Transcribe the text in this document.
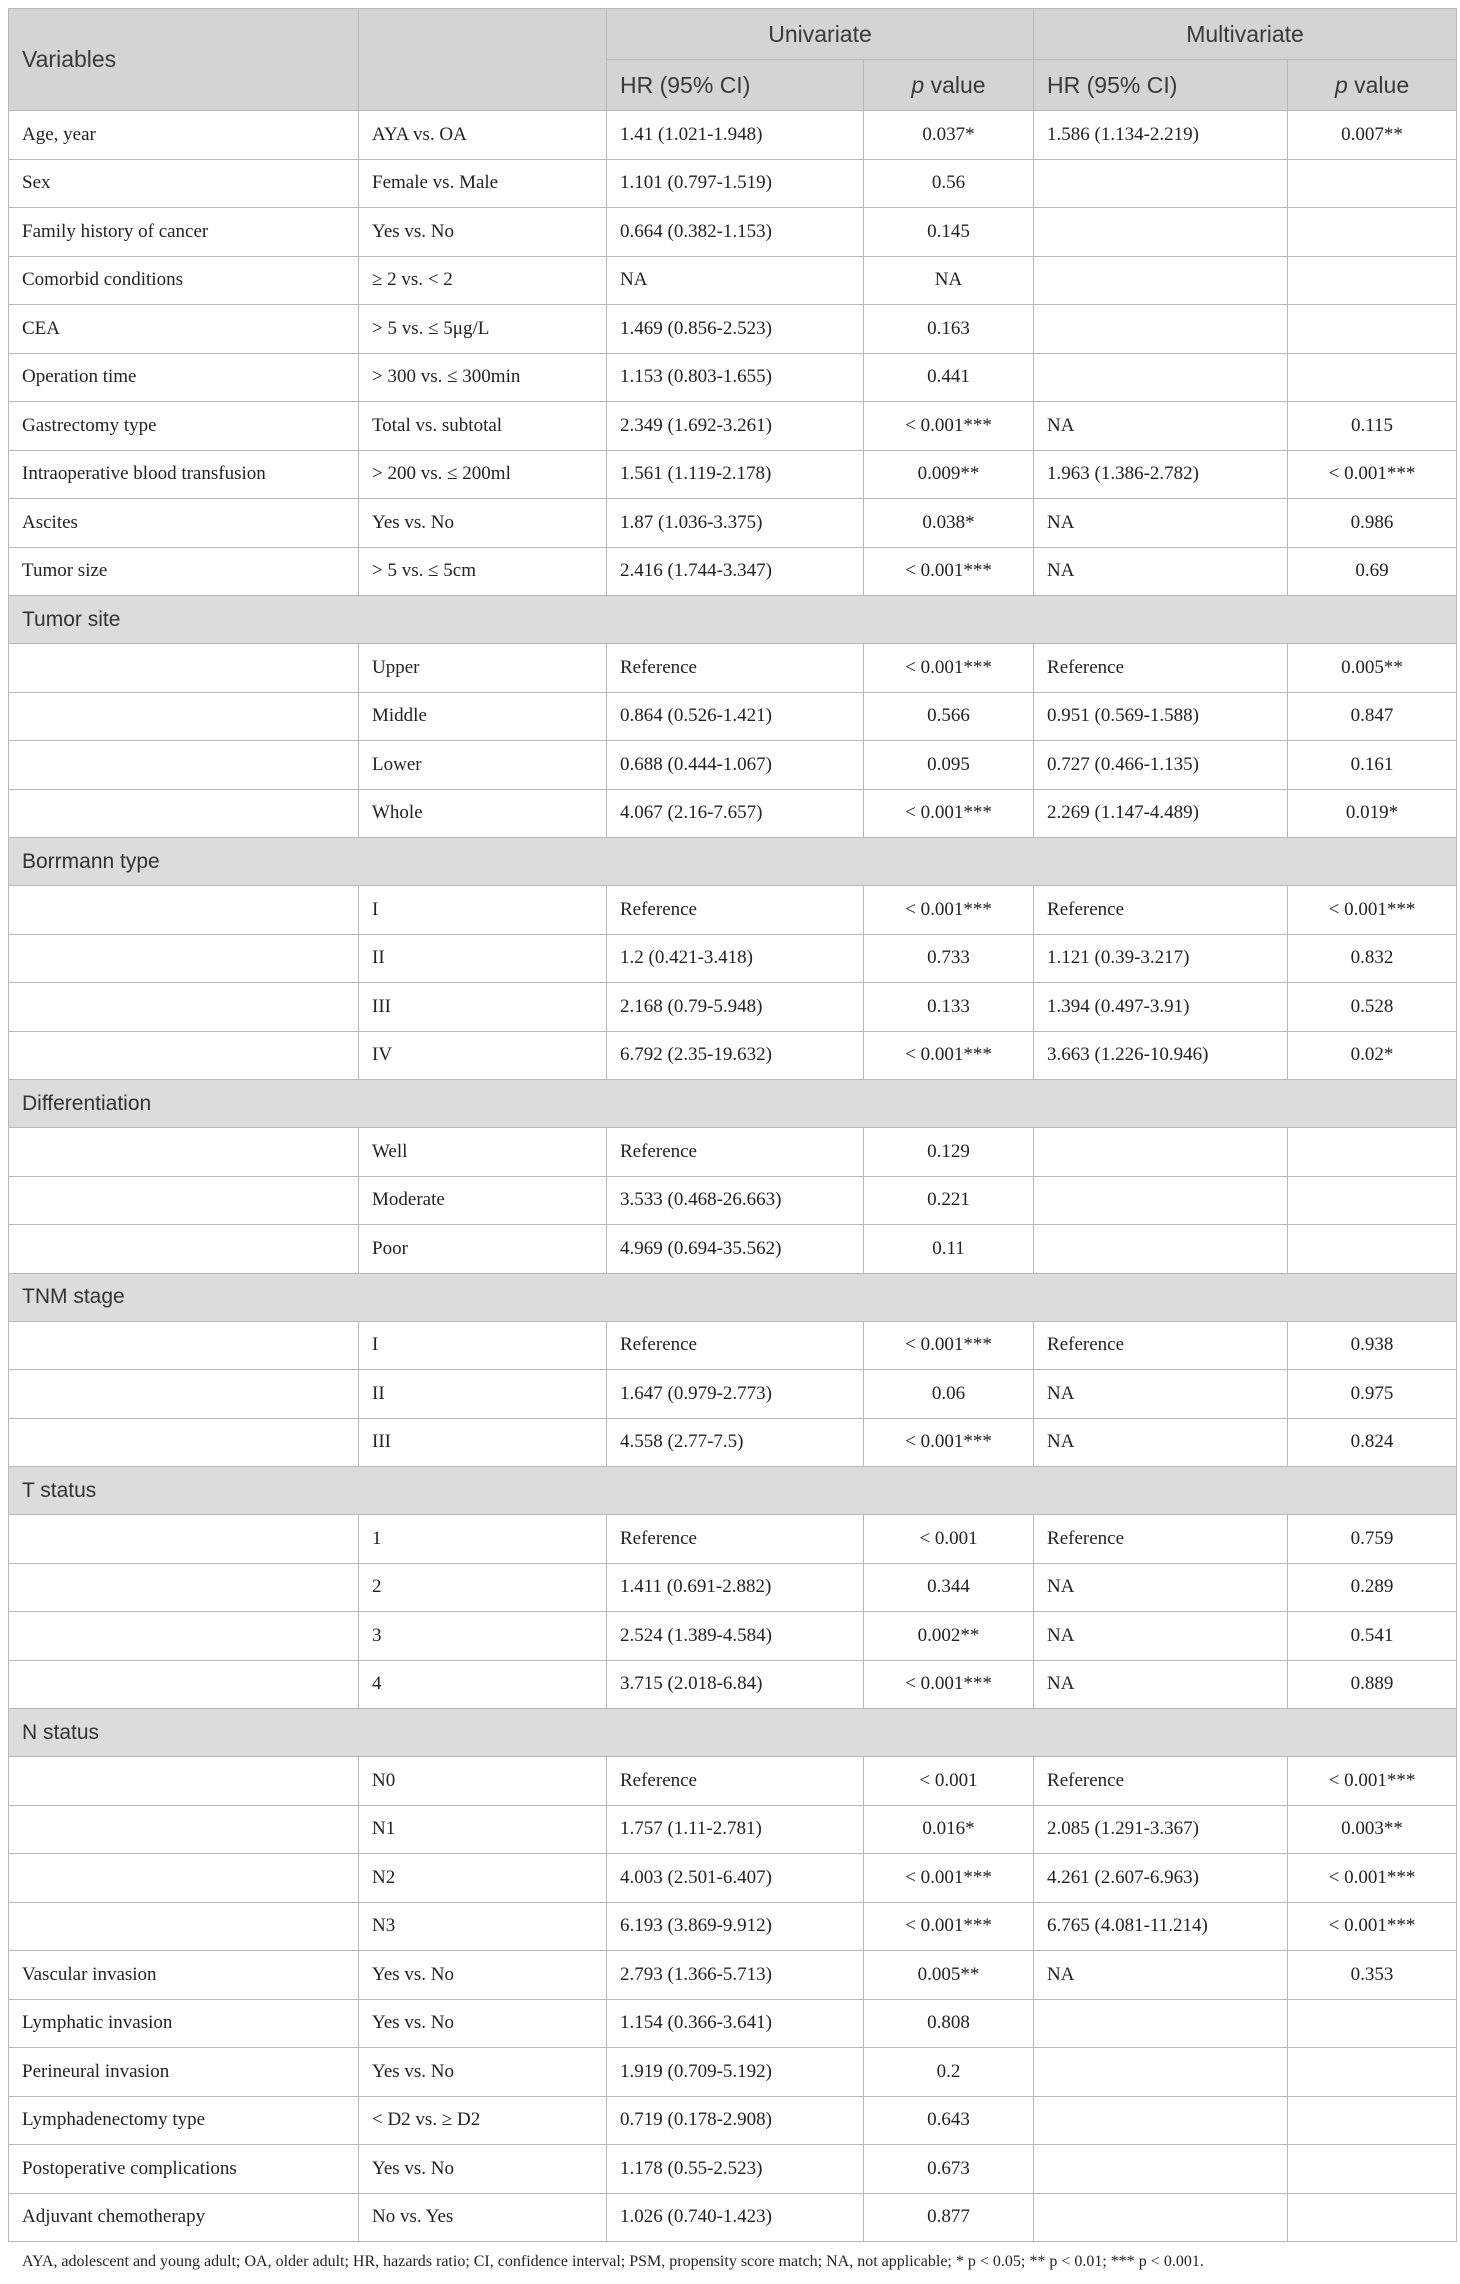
Variables		Univariate		Multivariate	
		HR (95% CI)	p value	HR (95% CI)	p value
Age, year	AYA vs. OA	1.41 (1.021-1.948)	0.037*	1.586 (1.134-2.219)	0.007**
Sex	Female vs. Male	1.101 (0.797-1.519)	0.56		
Family history of cancer	Yes vs. No	0.664 (0.382-1.153)	0.145		
Comorbid conditions	≥ 2 vs. < 2	NA	NA		
CEA	> 5 vs. ≤ 5μg/L	1.469 (0.856-2.523)	0.163		
Operation time	> 300 vs. ≤ 300min	1.153 (0.803-1.655)	0.441		
Gastrectomy type	Total vs. subtotal	2.349 (1.692-3.261)	< 0.001***	NA	0.115
Intraoperative blood transfusion	> 200 vs. ≤ 200ml	1.561 (1.119-2.178)	0.009**	1.963 (1.386-2.782)	< 0.001***
Ascites	Yes vs. No	1.87 (1.036-3.375)	0.038*	NA	0.986
Tumor size	> 5 vs. ≤ 5cm	2.416 (1.744-3.347)	< 0.001***	NA	0.69
Tumor site					
	Upper	Reference	< 0.001***	Reference	0.005**
	Middle	0.864 (0.526-1.421)	0.566	0.951 (0.569-1.588)	0.847
	Lower	0.688 (0.444-1.067)	0.095	0.727 (0.466-1.135)	0.161
	Whole	4.067 (2.16-7.657)	< 0.001***	2.269 (1.147-4.489)	0.019*
Borrmann type					
	I	Reference	< 0.001***	Reference	< 0.001***
	II	1.2 (0.421-3.418)	0.733	1.121 (0.39-3.217)	0.832
	III	2.168 (0.79-5.948)	0.133	1.394 (0.497-3.91)	0.528
	IV	6.792 (2.35-19.632)	< 0.001***	3.663 (1.226-10.946)	0.02*
Differentiation					
	Well	Reference	0.129		
	Moderate	3.533 (0.468-26.663)	0.221		
	Poor	4.969 (0.694-35.562)	0.11		
TNM stage					
	I	Reference	< 0.001***	Reference	0.938
	II	1.647 (0.979-2.773)	0.06	NA	0.975
	III	4.558 (2.77-7.5)	< 0.001***	NA	0.824
T status					
	1	Reference	< 0.001	Reference	0.759
	2	1.411 (0.691-2.882)	0.344	NA	0.289
	3	2.524 (1.389-4.584)	0.002**	NA	0.541
	4	3.715 (2.018-6.84)	< 0.001***	NA	0.889
N status					
	N0	Reference	< 0.001	Reference	< 0.001***
	N1	1.757 (1.11-2.781)	0.016*	2.085 (1.291-3.367)	0.003**
	N2	4.003 (2.501-6.407)	< 0.001***	4.261 (2.607-6.963)	< 0.001***
	N3	6.193 (3.869-9.912)	< 0.001***	6.765 (4.081-11.214)	< 0.001***
Vascular invasion	Yes vs. No	2.793 (1.366-5.713)	0.005**	NA	0.353
Lymphatic invasion	Yes vs. No	1.154 (0.366-3.641)	0.808		
Perineural invasion	Yes vs. No	1.919 (0.709-5.192)	0.2		
Lymphadenectomy type	< D2 vs. ≥ D2	0.719 (0.178-2.908)	0.643		
Postoperative complications	Yes vs. No	1.178 (0.55-2.523)	0.673		
Adjuvant chemotherapy	No vs. Yes	1.026 (0.740-1.423)	0.877		
AYA, adolescent and young adult; OA, older adult; HR, hazards ratio; CI, confidence interval; PSM, propensity score match; NA, not applicable; * p < 0.05; ** p < 0.01; *** p < 0.001.
